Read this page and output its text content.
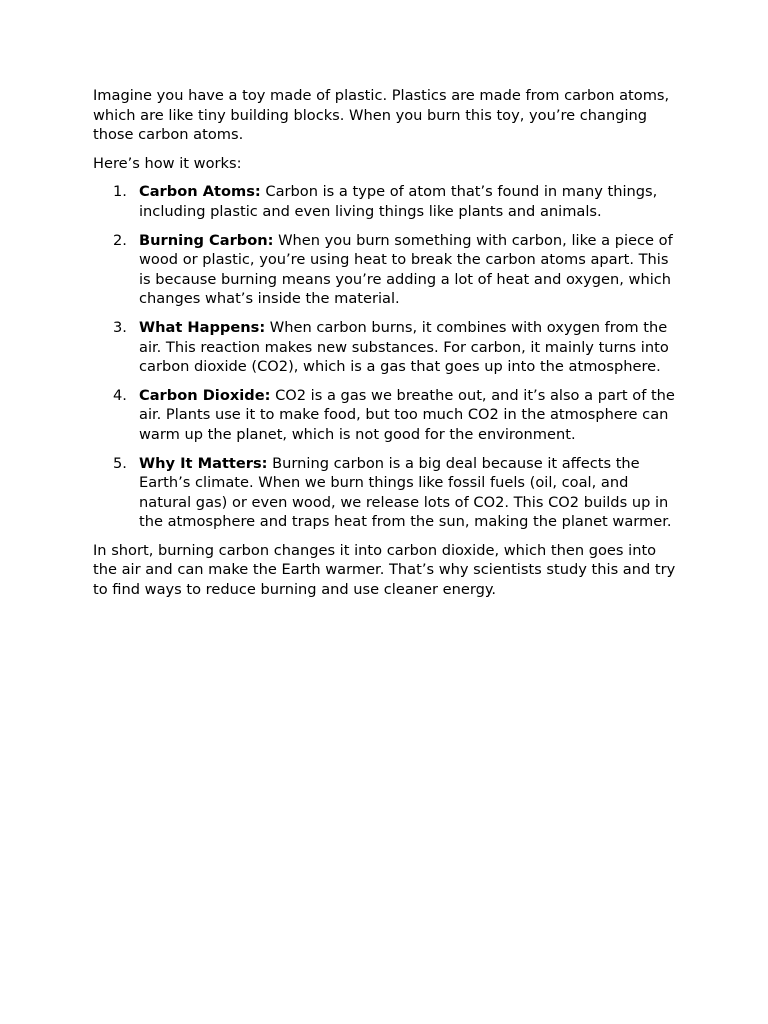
Imagine you have a toy made of plastic. Plastics are made from carbon atoms, which are like tiny building blocks. When you burn this toy, you’re changing those carbon atoms.

Here’s how it works:

1. Carbon Atoms: Carbon is a type of atom that’s found in many things, including plastic and even living things like plants and animals.
2. Burning Carbon: When you burn something with carbon, like a piece of wood or plastic, you’re using heat to break the carbon atoms apart. This is because burning means you’re adding a lot of heat and oxygen, which changes what’s inside the material.
3. What Happens: When carbon burns, it combines with oxygen from the air. This reaction makes new substances. For carbon, it mainly turns into carbon dioxide (CO2), which is a gas that goes up into the atmosphere.
4. Carbon Dioxide: CO2 is a gas we breathe out, and it’s also a part of the air. Plants use it to make food, but too much CO2 in the atmosphere can warm up the planet, which is not good for the environment.
5. Why It Matters: Burning carbon is a big deal because it affects the Earth’s climate. When we burn things like fossil fuels (oil, coal, and natural gas) or even wood, we release lots of CO2. This CO2 builds up in the atmosphere and traps heat from the sun, making the planet warmer.

In short, burning carbon changes it into carbon dioxide, which then goes into the air and can make the Earth warmer. That’s why scientists study this and try to find ways to reduce burning and use cleaner energy.
